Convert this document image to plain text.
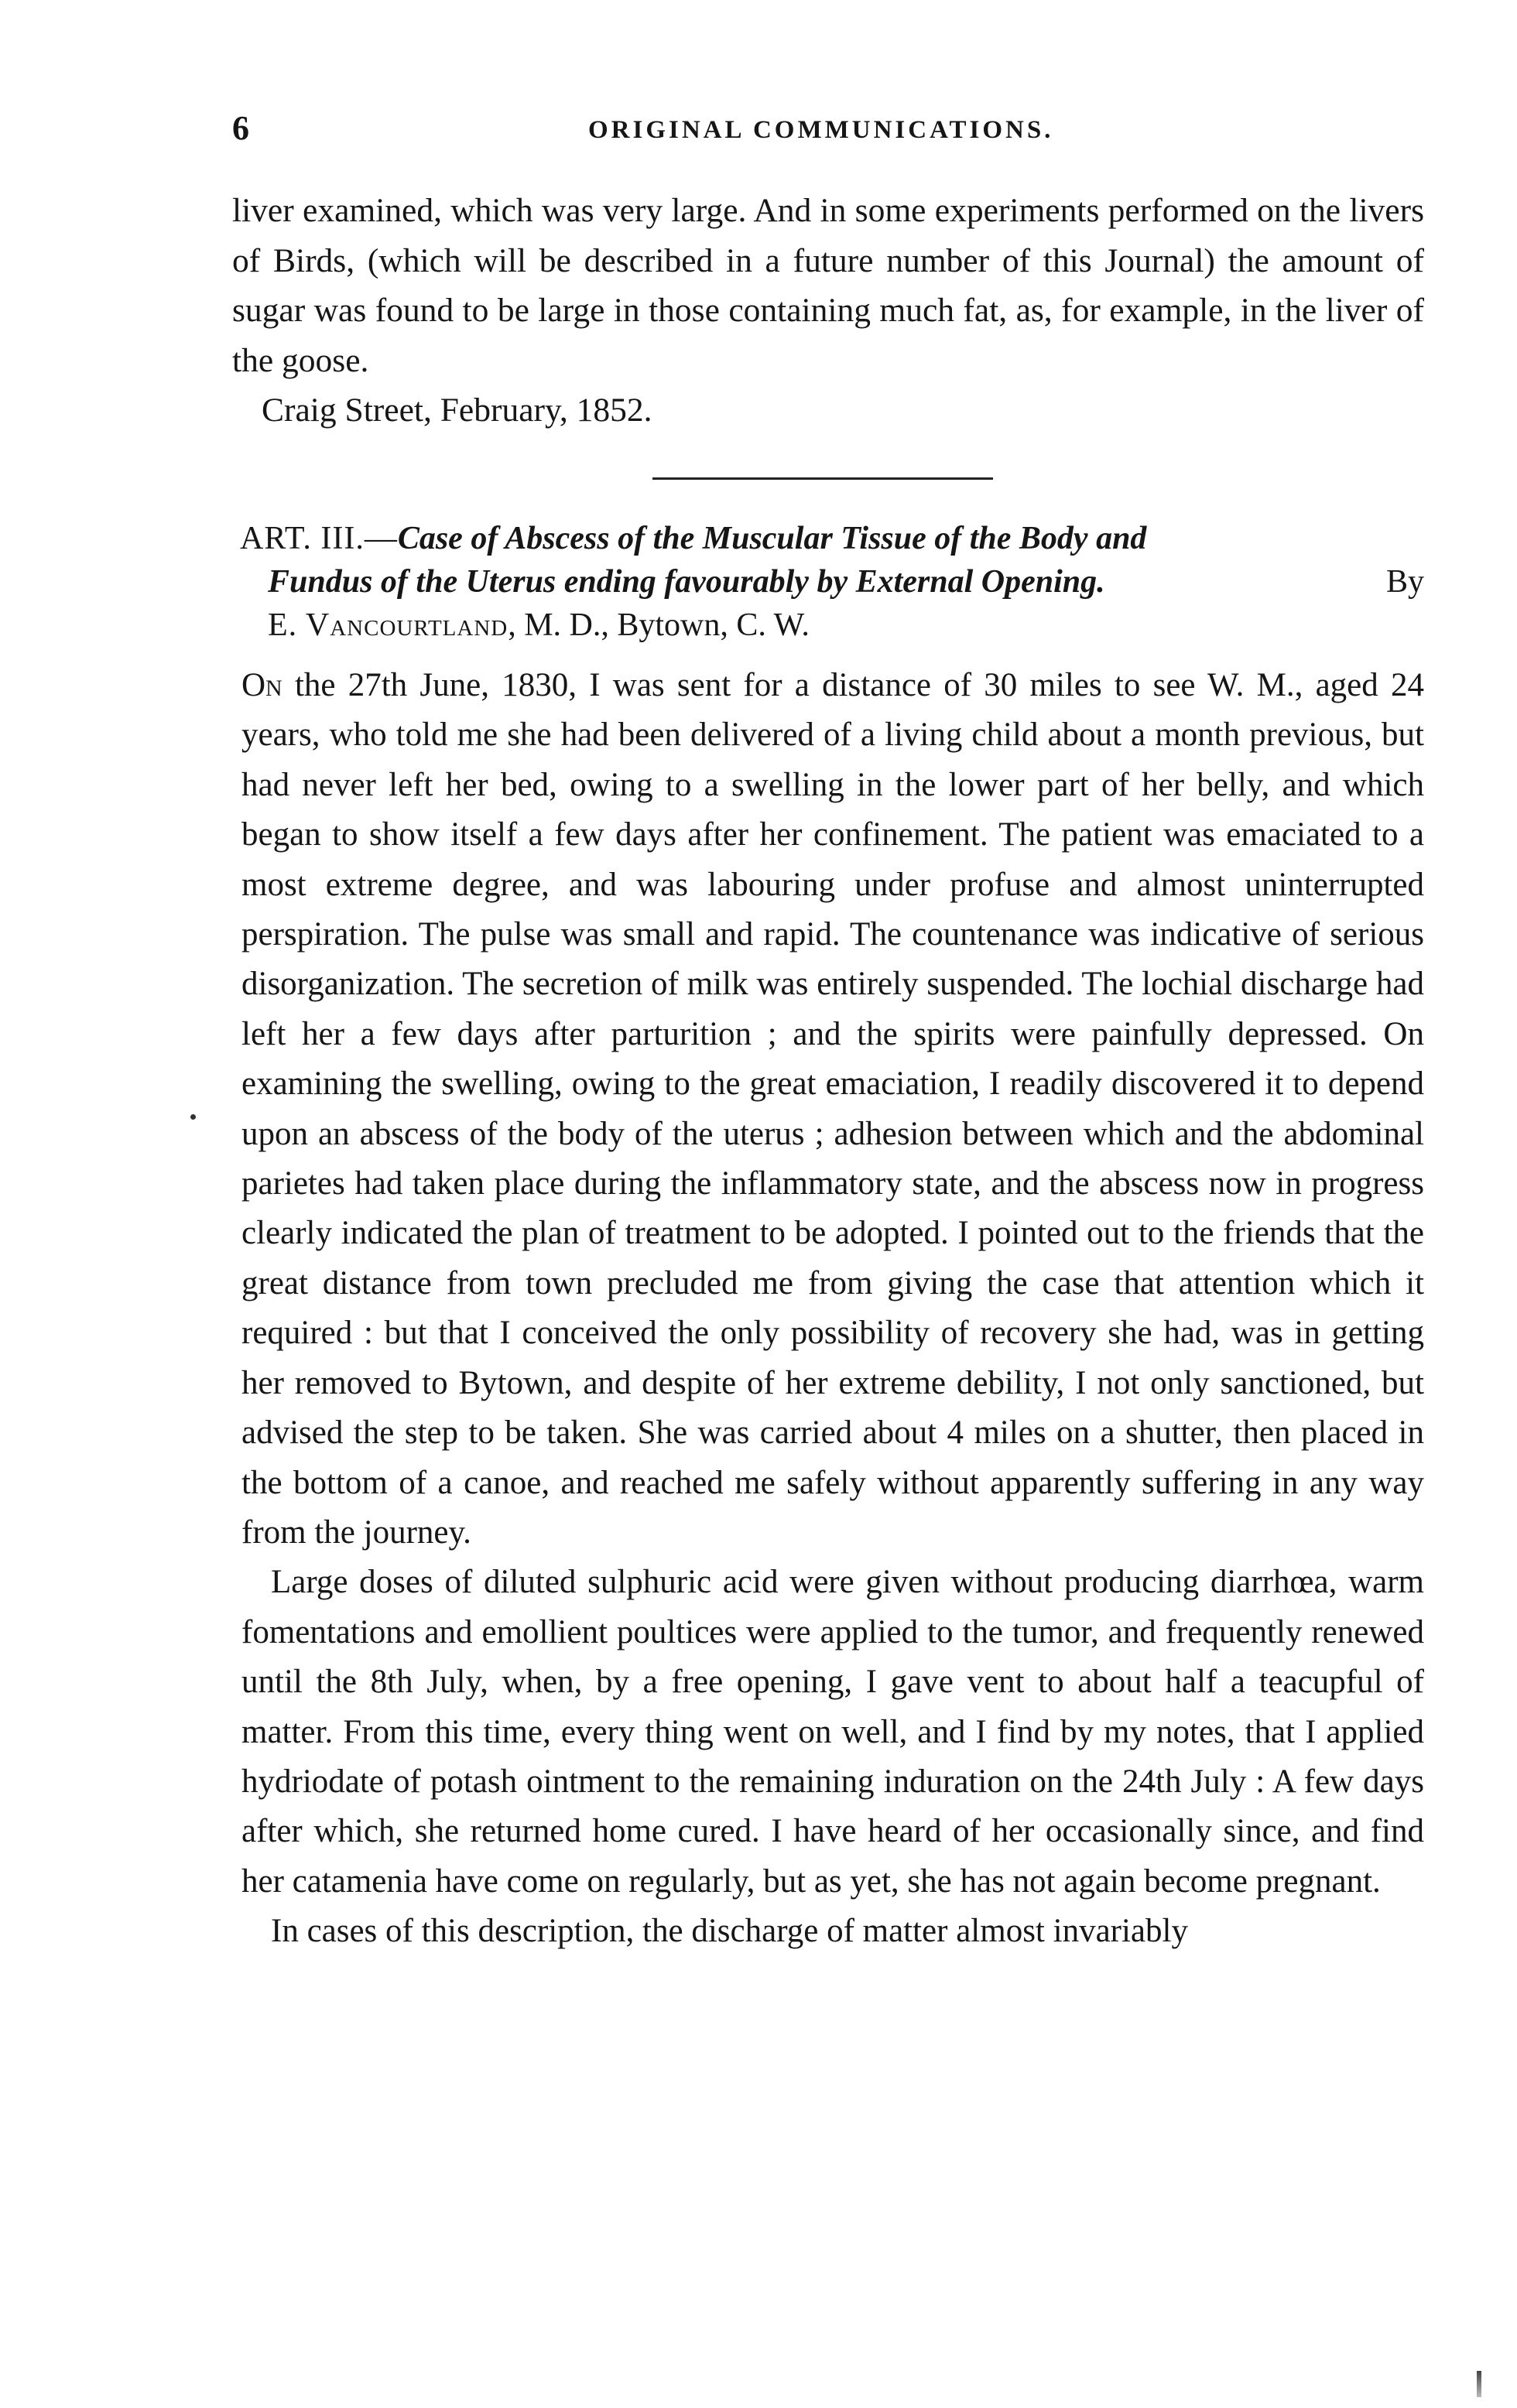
6	ORIGINAL COMMUNICATIONS.

liver examined, which was very large. And in some experiments performed on the livers of Birds, (which will be described in a future number of this Journal) the amount of sugar was found to be large in those containing much fat, as, for example, in the liver of the goose.

Craig Street, February, 1852.

ART. III.—Case of Abscess of the Muscular Tissue of the Body and
Fundus of the Uterus ending favourably by External Opening.	By
E. Vancourtland, M. D., Bytown, C. W.

On the 27th June, 1830, I was sent for a distance of 30 miles to see W. M., aged 24 years, who told me she had been delivered of a living child about a month previous, but had never left her bed, owing to a swelling in the lower part of her belly, and which began to show itself a few days after her confinement. The patient was emaciated to a most extreme degree, and was labouring under profuse and almost uninterrupted perspiration. The pulse was small and rapid. The countenance was indicative of serious disorganization. The secretion of milk was entirely suspended. The lochial discharge had left her a few days after parturition ; and the spirits were painfully depressed. On examining the swelling, owing to the great emaciation, I readily discovered it to depend upon an abscess of the body of the uterus ; adhesion between which and the abdominal parietes had taken place during the inflammatory state, and the abscess now in progress clearly indicated the plan of treatment to be adopted. I pointed out to the friends that the great distance from town precluded me from giving the case that attention which it required : but that I conceived the only possibility of recovery she had, was in getting her removed to Bytown, and despite of her extreme debility, I not only sanctioned, but advised the step to be taken. She was carried about 4 miles on a shutter, then placed in the bottom of a canoe, and reached me safely without apparently suffering in any way from the journey.

Large doses of diluted sulphuric acid were given without producing diarrhœa, warm fomentations and emollient poultices were applied to the tumor, and frequently renewed until the 8th July, when, by a free opening, I gave vent to about half a teacupful of matter. From this time, every thing went on well, and I find by my notes, that I applied hydriodate of potash ointment to the remaining induration on the 24th July : A few days after which, she returned home cured. I have heard of her occasionally since, and find her catamenia have come on regularly, but as yet, she has not again become pregnant.

In cases of this description, the discharge of matter almost invariably
